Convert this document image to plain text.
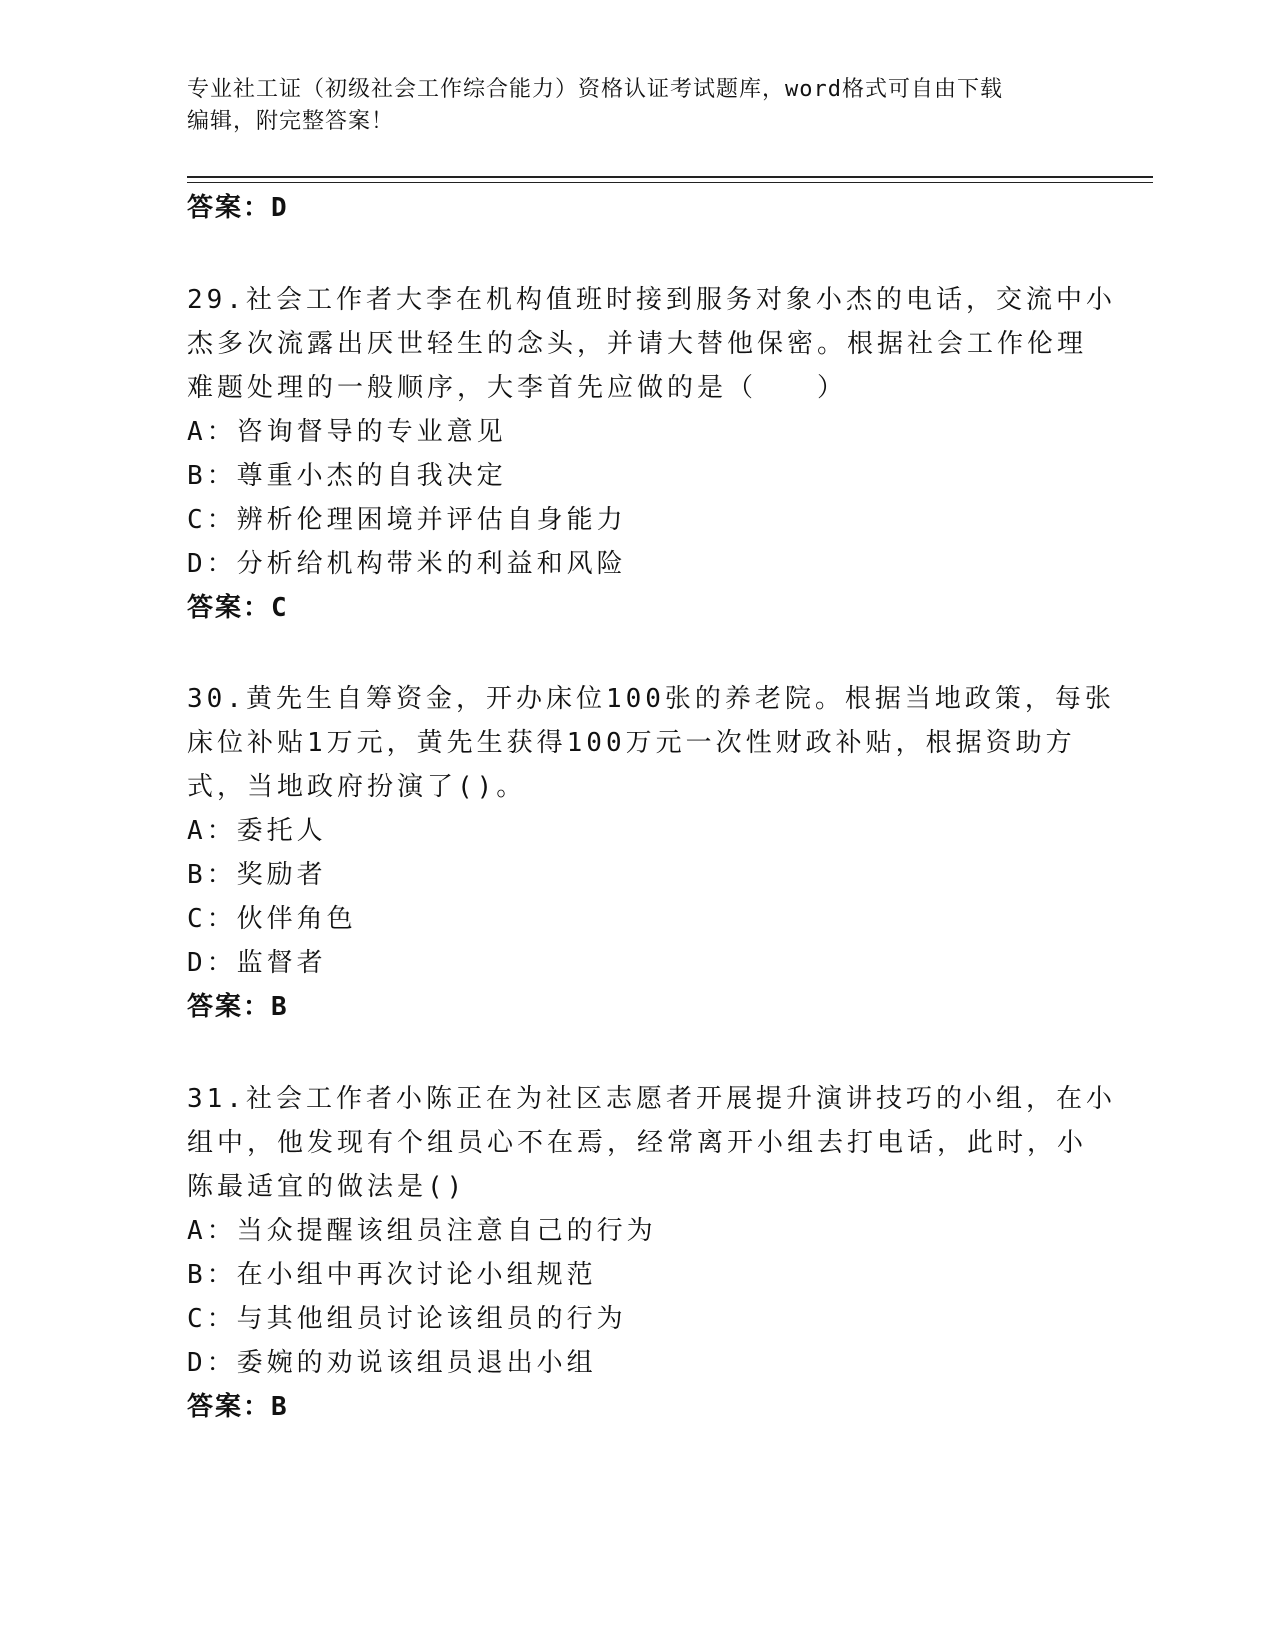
专业社工证（初级社会工作综合能力）资格认证考试题库，word格式可自由下载
编辑，附完整答案！
答案：D
29.社会工作者大李在机构值班时接到服务对象小杰的电话，交流中小
杰多次流露出厌世轻生的念头，并请大替他保密。根据社会工作伦理
难题处理的一般顺序，大李首先应做的是（　　）
A：咨询督导的专业意见
B：尊重小杰的自我决定
C：辨析伦理困境并评估自身能力
D：分析给机构带米的利益和风险
答案：C
30.黄先生自筹资金，开办床位100张的养老院。根据当地政策，每张
床位补贴1万元，黄先生获得100万元一次性财政补贴，根据资助方
式，当地政府扮演了()。
A：委托人
B：奖励者
C：伙伴角色
D：监督者
答案：B
31.社会工作者小陈正在为社区志愿者开展提升演讲技巧的小组，在小
组中，他发现有个组员心不在焉，经常离开小组去打电话，此时，小
陈最适宜的做法是()
A：当众提醒该组员注意自己的行为
B：在小组中再次讨论小组规范
C：与其他组员讨论该组员的行为
D：委婉的劝说该组员退出小组
答案：B
